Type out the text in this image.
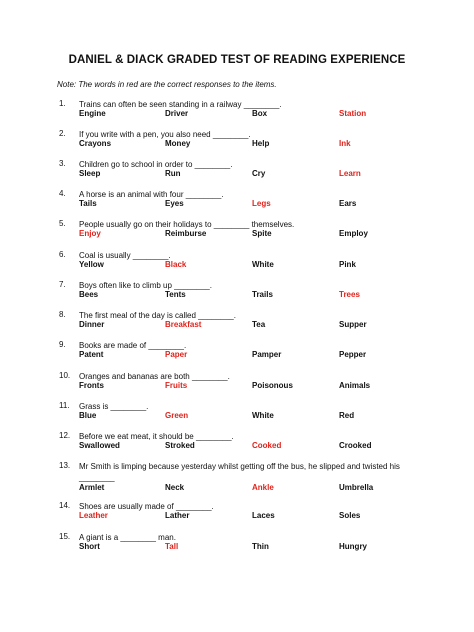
DANIEL & DIACK GRADED TEST OF READING EXPERIENCE
Note: The words in red are the correct responses to the items.
1. Trains can often be seen standing in a railway ________.
Engine	Driver	Box	Station
2. If you write with a pen, you also need ________.
Crayons	Money	Help	Ink
3. Children go to school in order to ________.
Sleep	Run	Cry	Learn
4. A horse is an animal with four ________.
Tails	Eyes	Legs	Ears
5. People usually go on their holidays to ________ themselves.
Enjoy	Reimburse	Spite	Employ
6. Coal is usually ________.
Yellow	Black	White	Pink
7. Boys often like to climb up ________.
Bees	Tents	Trails	Trees
8. The first meal of the day is called ________.
Dinner	Breakfast	Tea	Supper
9. Books are made of ________.
Patent	Paper	Pamper	Pepper
10. Oranges and bananas are both ________.
Fronts	Fruits	Poisonous	Animals
11. Grass is ________.
Blue	Green	White	Red
12. Before we eat meat, it should be ________.
Swallowed	Stroked	Cooked	Crooked
13. Mr Smith is limping because yesterday whilst getting off the bus, he slipped and twisted his ________
Armlet	Neck	Ankle	Umbrella
14. Shoes are usually made of ________.
Leather	Lather	Laces	Soles
15. A giant is a ________ man.
Short	Tall	Thin	Hungry
